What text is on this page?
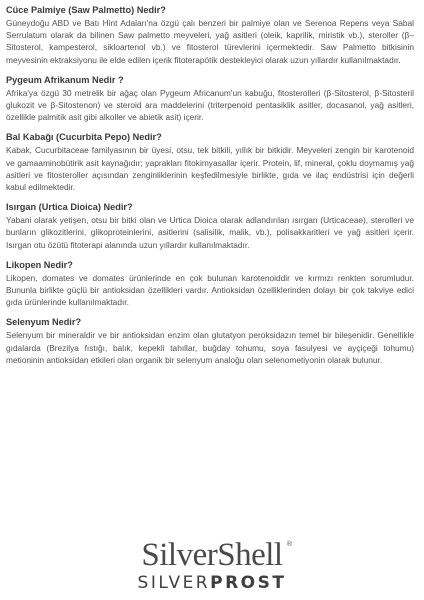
Cüce Palmiye (Saw Palmetto) Nedir?

Güneydoğu ABD ve Batı Hint Adaları'na özgü çalı benzeri bir palmiye olan ve Serenoa Repens veya Sabal Serrulatum olarak da bilinen Saw palmetto meyveleri, yağ asitleri (oleik, kaprilik, miristik vb.), steroller (β–Sitosterol, kampesterol, sikloartenol vb.) ve fitosterol türevlerini içermektedir. Saw Palmetto bitkisinin meyvesinin ektraksiyonu ile elde edilen içerik fitoterapötik destekleyici olarak uzun yıllardır kullanılmaktadır.

Pygeum Afrikanum Nedir ?

Afrika'ya özgü 30 metrelik bir ağaç olan Pygeum Africanum'un kabuğu, fitosterolleri (β-Sitosterol, β-Sitosteril glukozit ve β-Sitostenon) ve steroid ara maddelerini (triterpenoid pentasiklik asitler, docasanol, yağ asitleri, özellikle palmitik asit gibi alkoller ve abietik asit) içerir.

Bal Kabağı (Cucurbita Pepo) Nedir?

Kabak, Cucurbitaceae familyasının bir üyesi, otsu, tek bitkili, yıllık bir bitkidir. Meyveleri zengin bir karotenoid ve gamaaminobütirik asit kaynağıdır; yaprakları fitokimyasallar içerir. Protein, lif, mineral, çoklu doymamış yağ asitleri ve fitosteroller açısından zenginliklerinin keşfedilmesiyle birlikte, gıda ve ilaç endüstrisi için değerli kabul edilmektedir.

Isırgan (Urtica Dioica) Nedir?

Yabani olarak yetişen, otsu bir bitki olan ve Urtica Dioica olarak adlandırılan ısırgan (Urticaceae), sterolleri ve bunların glikozitlerini, glikoproteinlerini, asitlerini (salisilik, malik, vb.), polisakkaritleri ve yağ asitleri içerir. Isırgan otu özütü fitoterapi alanında uzun yıllardır kullanılmaktadır.

Likopen Nedir?

Likopen, domates ve domates ürünlerinde en çok bulunan karotenoiddir ve kırmızı renkten sorumludur. Bununla birlikte güçlü bir antioksidan özellikleri vardır. Antioksidan özelliklerinden dolayı bir çok takviye edici gıda ürünlerinde kullanılmaktadır.

Selenyum Nedir?

Selenyum bir mineraldir ve bir antioksidan enzim olan glutatyon peroksidazın temel bir bileşenidir. Genellikle gıdalarda (Brezilya fıstığı, balık, kepekli tahıllar, buğday tohumu, soya fasulyesi ve ayçiçeği tohumu) metioninin antioksidan etkileri olan organik bir selenyum analoğu olan selenometiyonin olarak bulunur.

SilverShell ®
SILVERPROST
